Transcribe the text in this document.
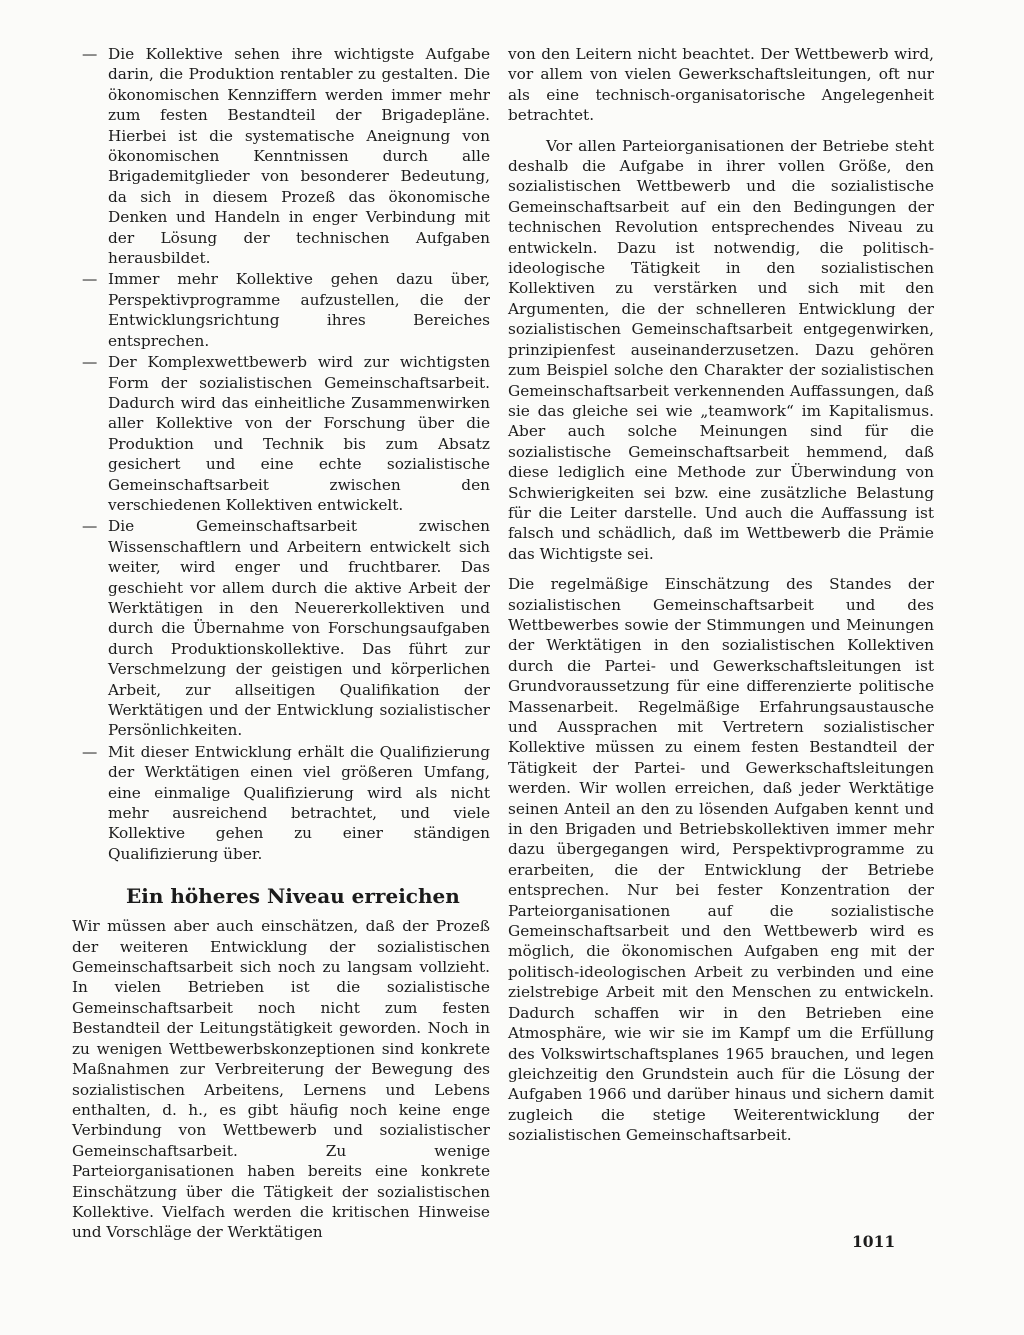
— Die Kollektive sehen ihre wichtigste Aufgabe darin, die Produktion rentabler zu gestalten. Die ökonomischen Kennziffern werden immer mehr zum festen Bestandteil der Brigadepläne. Hierbei ist die systematische Aneignung von ökonomischen Kenntnissen durch alle Brigademitglieder von besonderer Bedeutung, da sich in diesem Prozeß das ökonomische Denken und Handeln in enger Verbindung mit der Lösung der technischen Aufgaben herausbildet.
— Immer mehr Kollektive gehen dazu über, Perspektivprogramme aufzustellen, die der Entwicklungsrichtung ihres Bereiches entsprechen.
— Der Komplexwettbewerb wird zur wichtigsten Form der sozialistischen Gemeinschaftsarbeit. Dadurch wird das einheitliche Zusammenwirken aller Kollektive von der Forschung über die Produktion und Technik bis zum Absatz gesichert und eine echte sozialistische Gemeinschaftsarbeit zwischen den verschiedenen Kollektiven entwickelt.
— Die Gemeinschaftsarbeit zwischen Wissenschaftlern und Arbeitern entwickelt sich weiter, wird enger und fruchtbarer. Das geschieht vor allem durch die aktive Arbeit der Werktätigen in den Neuererkollektiven und durch die Übernahme von Forschungsaufgaben durch Produktionskollektive. Das führt zur Verschmelzung der geistigen und körperlichen Arbeit, zur allseitigen Qualifikation der Werktätigen und der Entwicklung sozialistischer Persönlichkeiten.
— Mit dieser Entwicklung erhält die Qualifizierung der Werktätigen einen viel größeren Umfang, eine einmalige Qualifizierung wird als nicht mehr ausreichend betrachtet, und viele Kollektive gehen zu einer ständigen Qualifizierung über.
Ein höheres Niveau erreichen

Wir müssen aber auch einschätzen, daß der Prozeß der weiteren Entwicklung der sozialistischen Gemeinschaftsarbeit sich noch zu langsam vollzieht. In vielen Betrieben ist die sozialistische Gemeinschaftsarbeit noch nicht zum festen Bestandteil der Leitungstätigkeit geworden. Noch in zu wenigen Wettbewerbskonzeptionen sind konkrete Maßnahmen zur Verbreiterung der Bewegung des sozialistischen Arbeitens, Lernens und Lebens enthalten, d. h., es gibt häufig noch keine enge Verbindung von Wettbewerb und sozialistischer Gemeinschaftsarbeit. Zu wenige Parteiorganisationen haben bereits eine konkrete Einschätzung über die Tätigkeit der sozialistischen Kollektive. Vielfach werden die kritischen Hinweise und Vorschläge der Werktätigen

von den Leitern nicht beachtet. Der Wettbewerb wird, vor allem von vielen Gewerkschaftsleitungen, oft nur als eine technisch-organisatorische Angelegenheit betrachtet.

Vor allen Parteiorganisationen der Betriebe steht deshalb die Aufgabe in ihrer vollen Größe, den sozialistischen Wettbewerb und die sozialistische Gemeinschaftsarbeit auf ein den Bedingungen der technischen Revolution entsprechendes Niveau zu entwickeln. Dazu ist notwendig, die politisch-ideologische Tätigkeit in den sozialistischen Kollektiven zu verstärken und sich mit den Argumenten, die der schnelleren Entwicklung der sozialistischen Gemeinschaftsarbeit entgegenwirken, prinzipienfest auseinanderzusetzen. Dazu gehören zum Beispiel solche den Charakter der sozialistischen Gemeinschaftsarbeit verkennenden Auffassungen, daß sie das gleiche sei wie „teamwork“ im Kapitalismus. Aber auch solche Meinungen sind für die sozialistische Gemeinschaftsarbeit hemmend, daß diese lediglich eine Methode zur Überwindung von Schwierigkeiten sei bzw. eine zusätzliche Belastung für die Leiter darstelle. Und auch die Auffassung ist falsch und schädlich, daß im Wettbewerb die Prämie das Wichtigste sei.

Die regelmäßige Einschätzung des Standes der sozialistischen Gemeinschaftsarbeit und des Wettbewerbes sowie der Stimmungen und Meinungen der Werktätigen in den sozialistischen Kollektiven durch die Partei- und Gewerkschaftsleitungen ist Grundvoraussetzung für eine differenzierte politische Massenarbeit. Regelmäßige Erfahrungsaustausche und Aussprachen mit Vertretern sozialistischer Kollektive müssen zu einem festen Bestandteil der Tätigkeit der Partei- und Gewerkschaftsleitungen werden. Wir wollen erreichen, daß jeder Werktätige seinen Anteil an den zu lösenden Aufgaben kennt und in den Brigaden und Betriebskollektiven immer mehr dazu übergegangen wird, Perspektivprogramme zu erarbeiten, die der Entwicklung der Betriebe entsprechen. Nur bei fester Konzentration der Parteiorganisationen auf die sozialistische Gemeinschaftsarbeit und den Wettbewerb wird es möglich, die ökonomischen Aufgaben eng mit der politisch-ideologischen Arbeit zu verbinden und eine zielstrebige Arbeit mit den Menschen zu entwickeln. Dadurch schaffen wir in den Betrieben eine Atmosphäre, wie wir sie im Kampf um die Erfüllung des Volkswirtschaftsplanes 1965 brauchen, und legen gleichzeitig den Grundstein auch für die Lösung der Aufgaben 1966 und darüber hinaus und sichern damit zugleich die stetige Weiterentwicklung der sozialistischen Gemeinschaftsarbeit.

1011
